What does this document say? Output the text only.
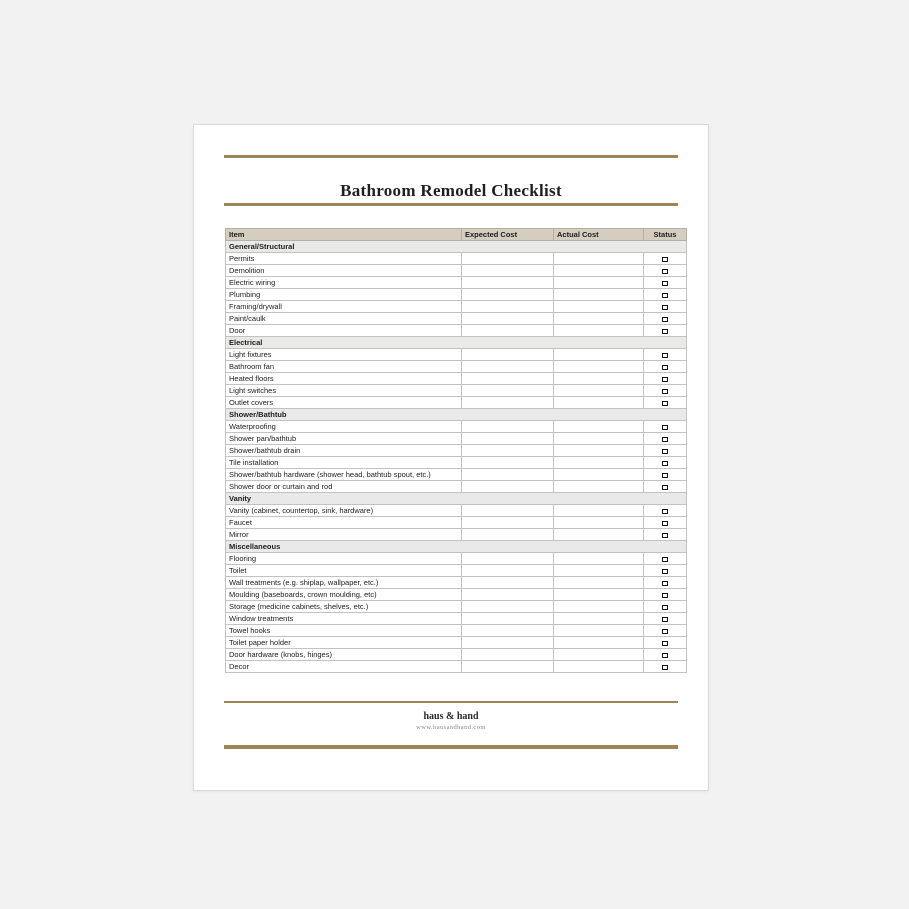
Bathroom Remodel Checklist
Item	Expected Cost	Actual Cost	Status
General/Structural			
Permits			
Demolition			
Electric wiring			
Plumbing			
Framing/drywall			
Paint/caulk			
Door			
Electrical			
Light fixtures			
Bathroom fan			
Heated floors			
Light switches			
Outlet covers			
Shower/Bathtub			
Waterproofing			
Shower pan/bathtub			
Shower/bathtub drain			
Tile installation			
Shower/bathtub hardware (shower head, bathtub spout, etc.)			
Shower door or curtain and rod			
Vanity			
Vanity (cabinet, countertop, sink, hardware)			
Faucet			
Mirror			
Miscellaneous			
Flooring			
Toilet			
Wall treatments (e.g. shiplap, wallpaper, etc.)			
Moulding (baseboards, crown moulding, etc)			
Storage (medicine cabinets, shelves, etc.)			
Window treatments			
Towel hooks			
Toilet paper holder			
Door hardware (knobs, hinges)			
Decor			
haus & hand
www.hausandhand.com
